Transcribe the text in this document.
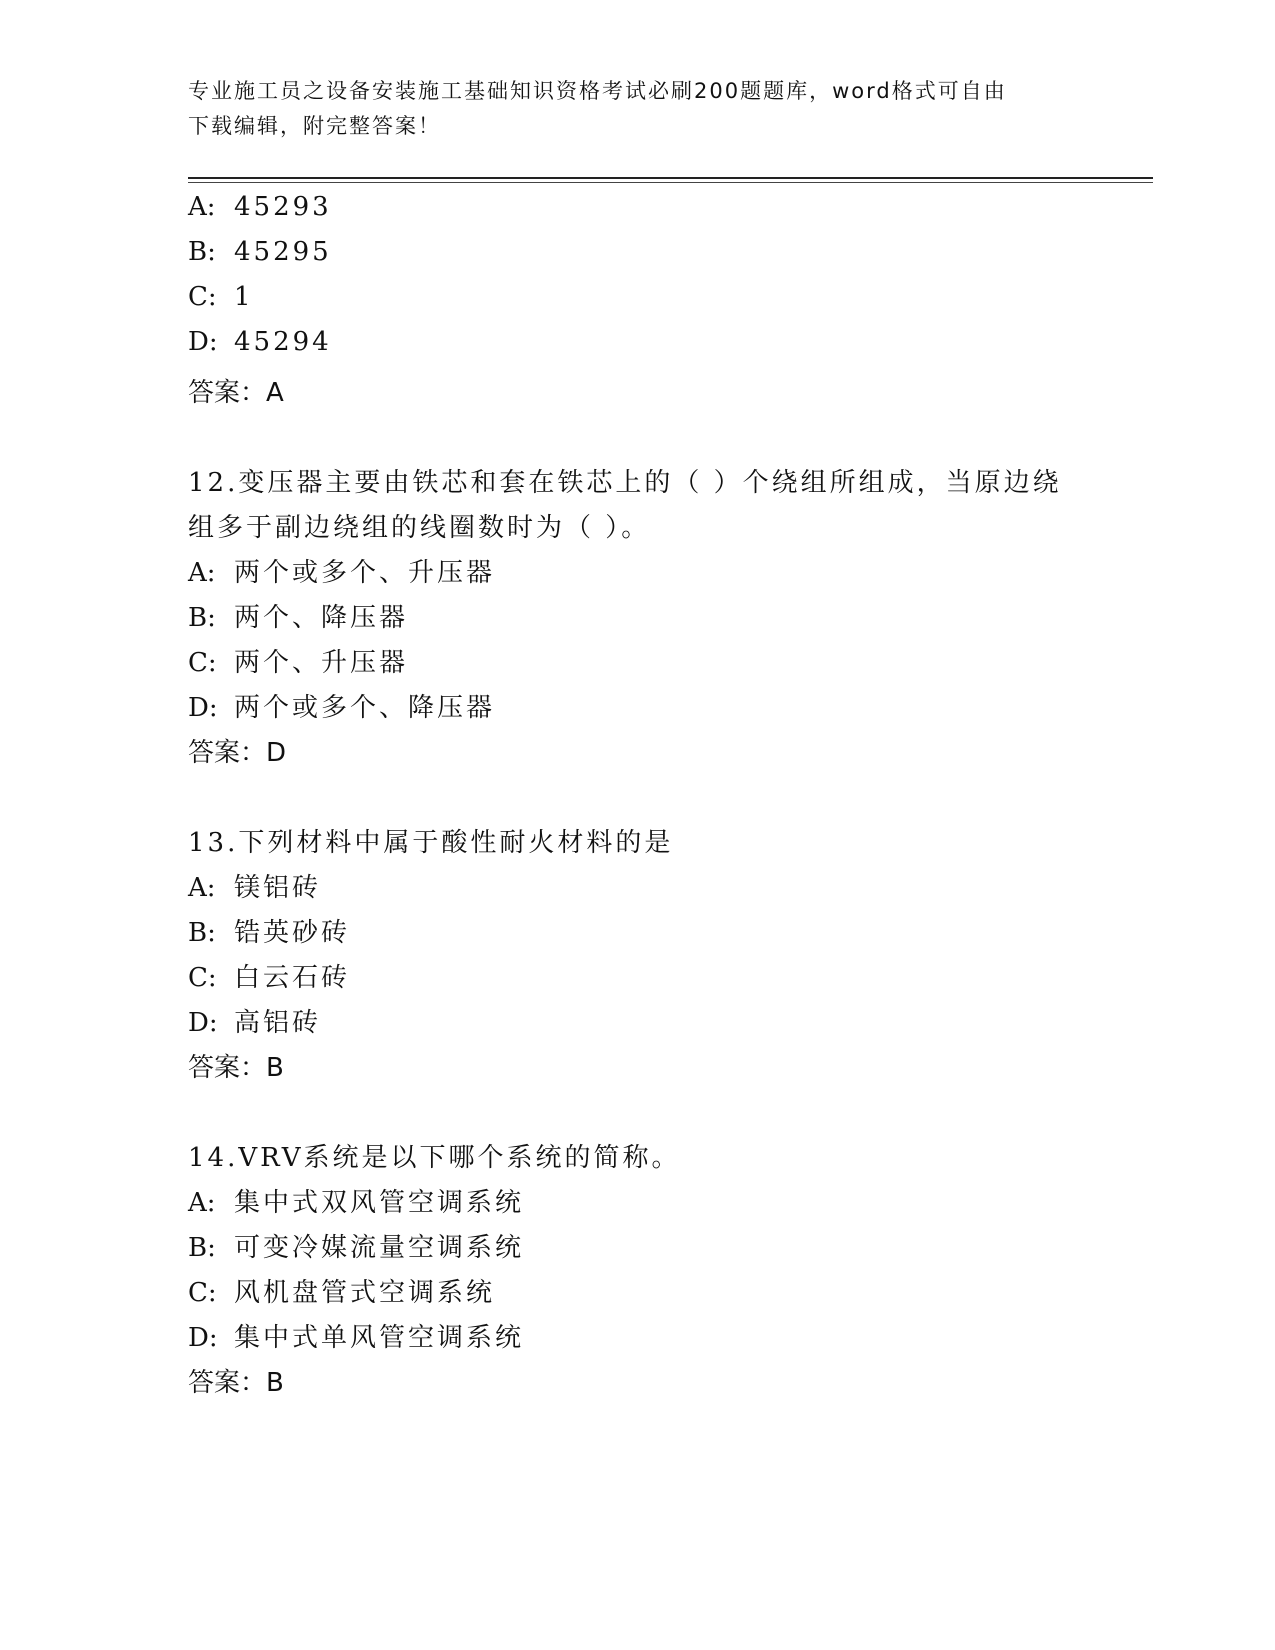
专业施工员之设备安装施工基础知识资格考试必刷200题题库，word格式可自由
下载编辑，附完整答案！
A: 45293
B: 45295
C: 1
D: 45294
答案：A
12.变压器主要由铁芯和套在铁芯上的（ ）个绕组所组成，当原边绕
组多于副边绕组的线圈数时为（ ）。
A: 两个或多个、升压器
B: 两个、降压器
C: 两个、升压器
D: 两个或多个、降压器
答案：D
13.下列材料中属于酸性耐火材料的是
A: 镁铝砖
B: 锆英砂砖
C: 白云石砖
D: 高铝砖
答案：B
14.VRV系统是以下哪个系统的简称。
A: 集中式双风管空调系统
B: 可变冷媒流量空调系统
C: 风机盘管式空调系统
D: 集中式单风管空调系统
答案：B
